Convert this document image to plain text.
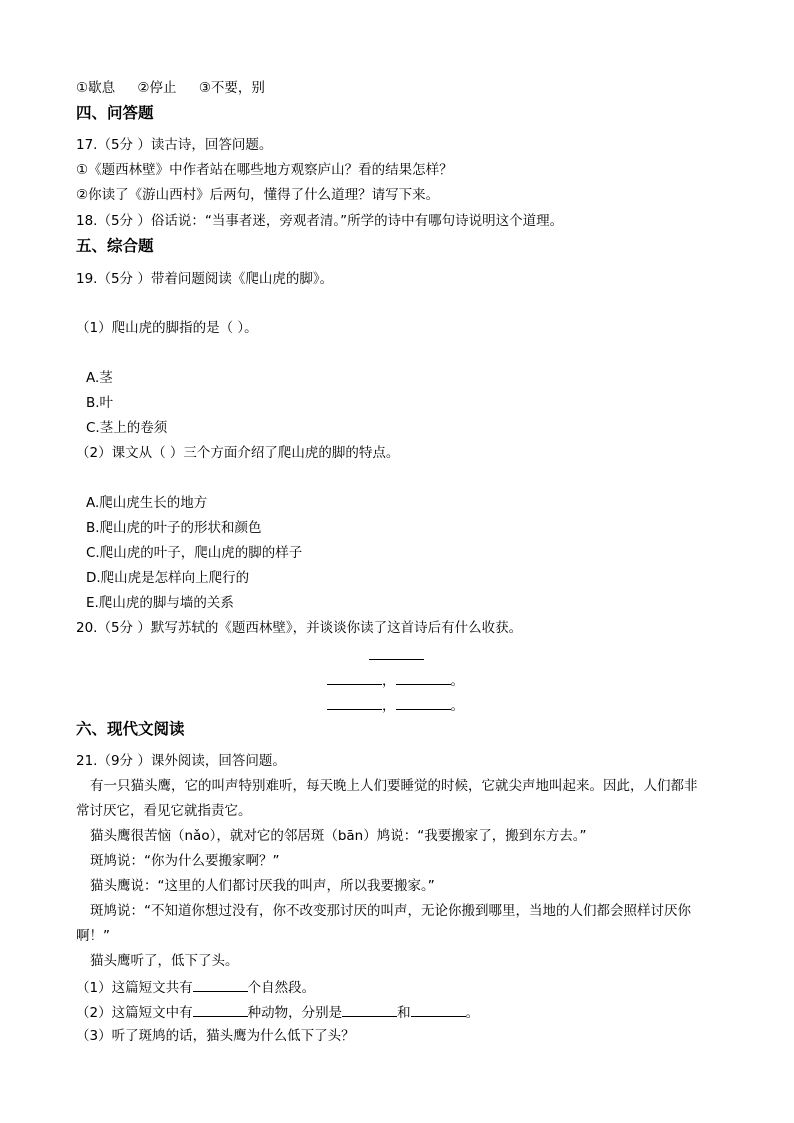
①歇息 ②停止 ③不要，别
四、问答题
17.（5分 ）读古诗，回答问题。
①《题西林壁》中作者站在哪些地方观察庐山？看的结果怎样？
②你读了《游山西村》后两句，懂得了什么道理？请写下来。
18.（5分 ）俗话说：“当事者迷，旁观者清。”所学的诗中有哪句诗说明这个道理。
五、综合题
19.（5分 ）带着问题阅读《爬山虎的脚》。
（1）爬山虎的脚指的是（ ）。
A.茎
B.叶
C.茎上的卷须
（2）课文从（ ）三个方面介绍了爬山虎的脚的特点。
A.爬山虎生长的地方
B.爬山虎的叶子的形状和颜色
C.爬山虎的叶子，爬山虎的脚的样子
D.爬山虎是怎样向上爬行的
E.爬山虎的脚与墙的关系
20.（5分 ）默写苏轼的《题西林壁》，并谈谈你读了这首诗后有什么收获。
，	。
，	。
六、现代文阅读
21.（9分 ）课外阅读，回答问题。
有一只猫头鹰，它的叫声特别难听，每天晚上人们要睡觉的时候，它就尖声地叫起来。因此，人们都非
常讨厌它，看见它就指责它。
猫头鹰很苦恼（nǎo），就对它的邻居斑（bān）鸠说：“我要搬家了，搬到东方去。”
斑鸠说：“你为什么要搬家啊？”
猫头鹰说：“这里的人们都讨厌我的叫声，所以我要搬家。”
斑鸠说：“不知道你想过没有，你不改变那讨厌的叫声，无论你搬到哪里，当地的人们都会照样讨厌你
啊！”
猫头鹰听了，低下了头。
（1）这篇短文共有	个自然段。
（2）这篇短文中有	种动物，分别是	和	。
（3）听了斑鸠的话，猫头鹰为什么低下了头？
